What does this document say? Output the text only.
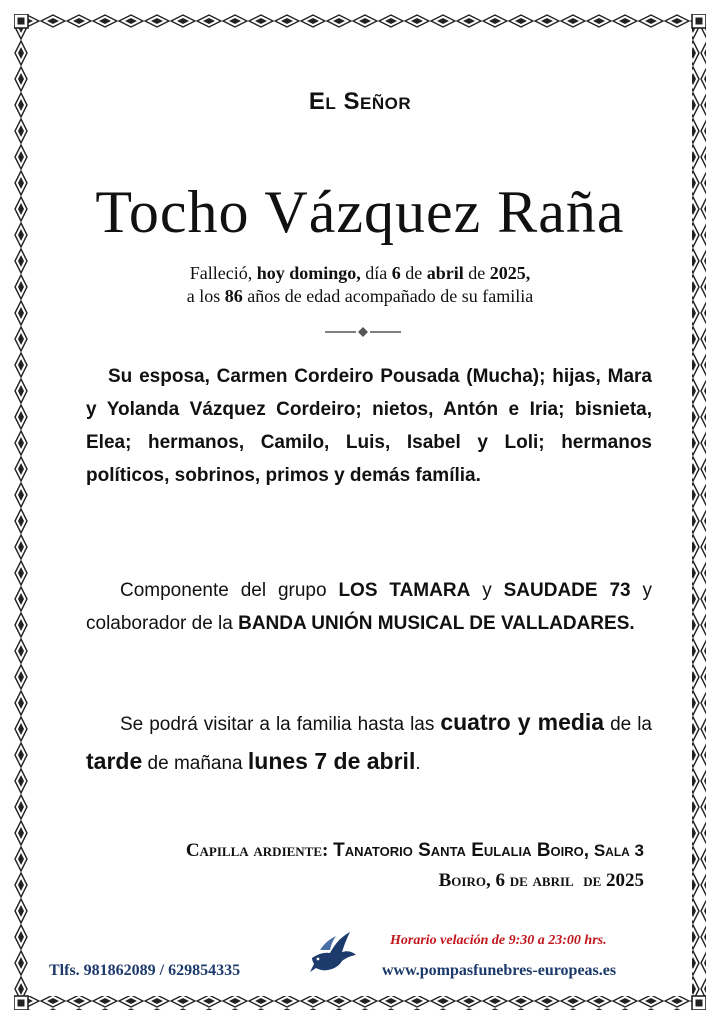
El Señor
Tocho Vázquez Raña
Falleció, hoy domingo, día 6 de abril de 2025,
a los 86 años de edad acompañado de su familia
Su esposa, Carmen Cordeiro Pousada (Mucha); hijas, Mara y Yolanda Vázquez Cordeiro; nietos, Antón e Iria; bisnieta, Elea; hermanos, Camilo, Luis, Isabel y Loli; hermanos políticos, sobrinos, primos y demás família.
Componente del grupo LOS TAMARA y SAUDADE 73 y colaborador de la BANDA UNIÓN MUSICAL DE VALLADARES.
Se podrá visitar a la familia hasta las cuatro y media de la tarde de mañana lunes 7 de abril.
Capilla ardiente: Tanatorio Santa Eulalia Boiro, Sala 3
Boiro, 6 de abril  de 2025
Horario velación de 9:30 a 23:00 hrs.
Tlfs. 981862089 / 629854335	www.pompasfunebres-europeas.es
